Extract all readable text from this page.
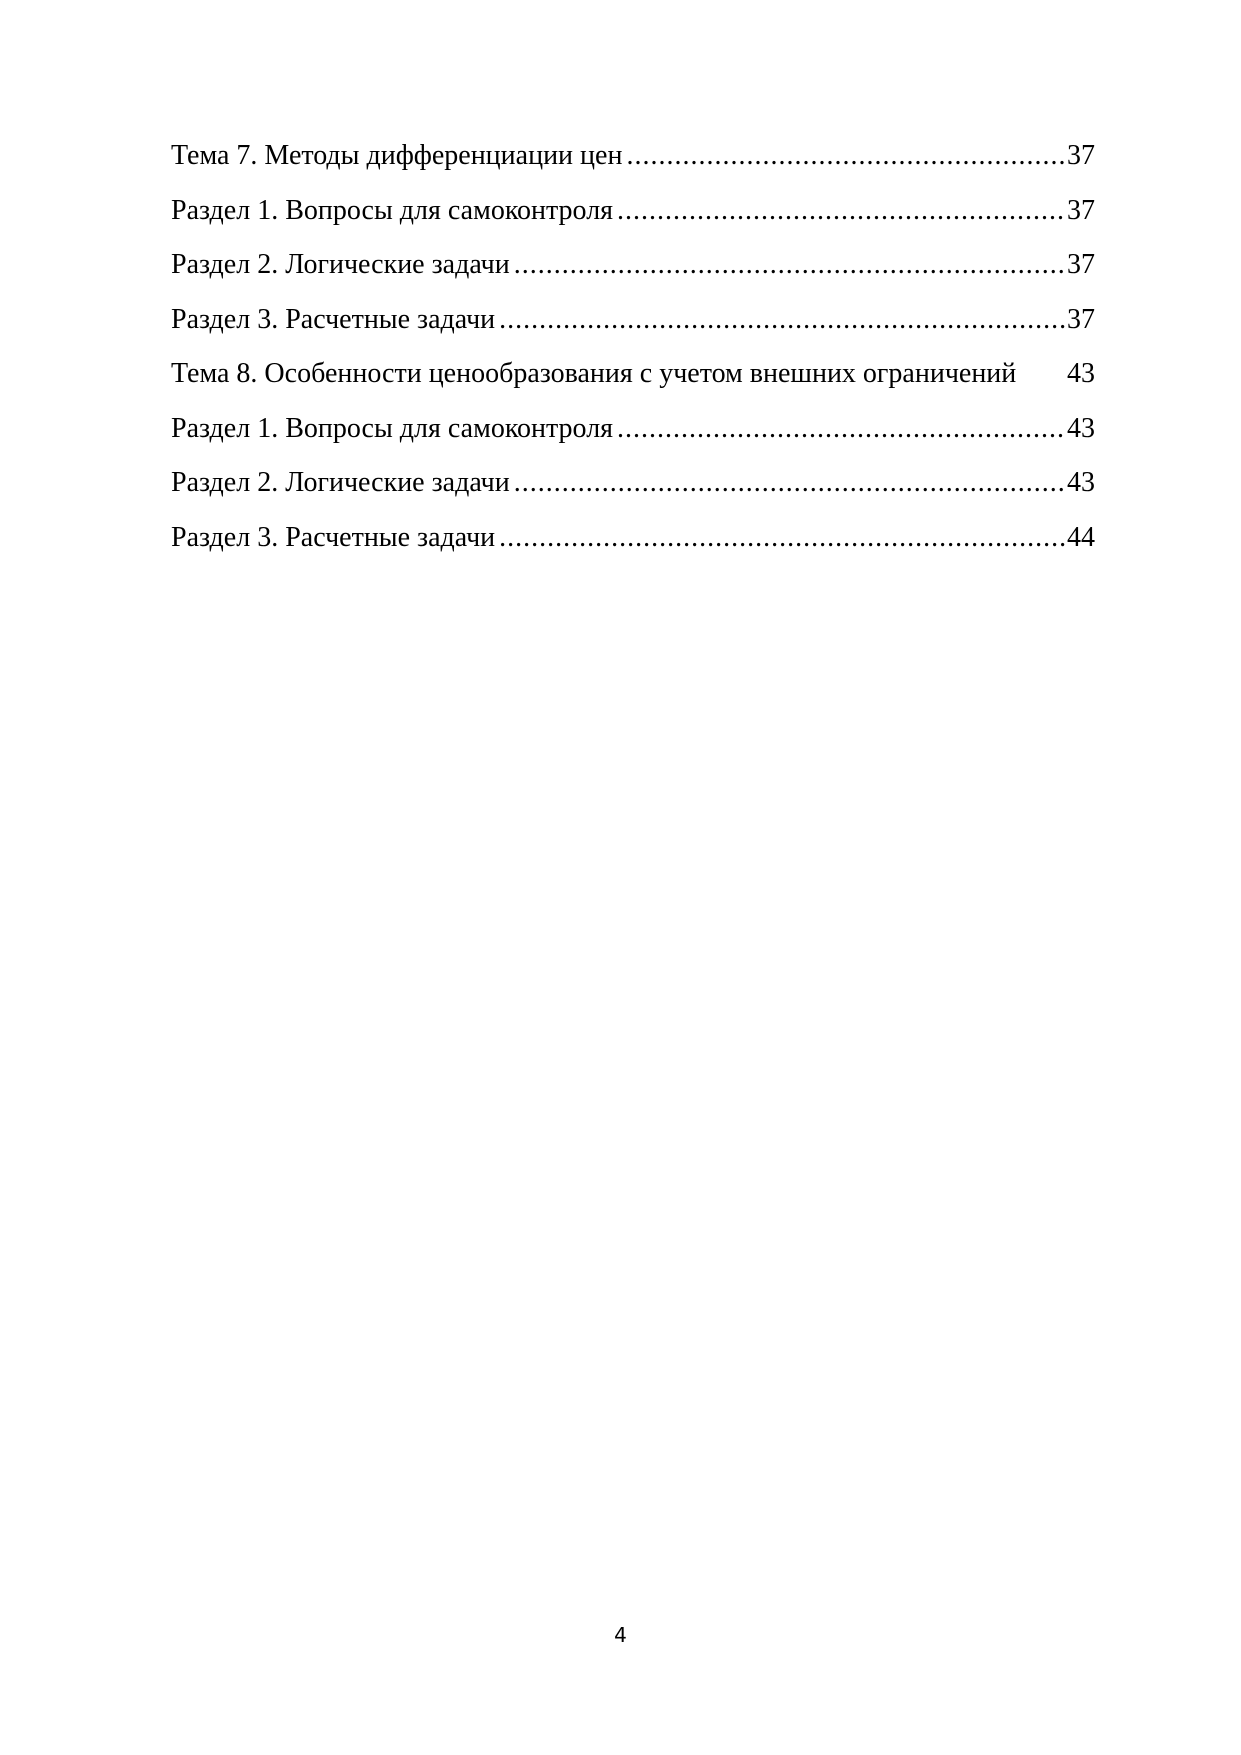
Тема 7. Методы дифференциации цен .....	37
Раздел 1. Вопросы для самоконтроля .....	37
Раздел 2. Логические задачи .....	37
Раздел 3. Расчетные задачи .....	37
Тема 8. Особенности ценообразования с учетом внешних ограничений 43
Раздел 1. Вопросы для самоконтроля .....	43
Раздел 2. Логические задачи .....	43
Раздел 3. Расчетные задачи .....	44
4
